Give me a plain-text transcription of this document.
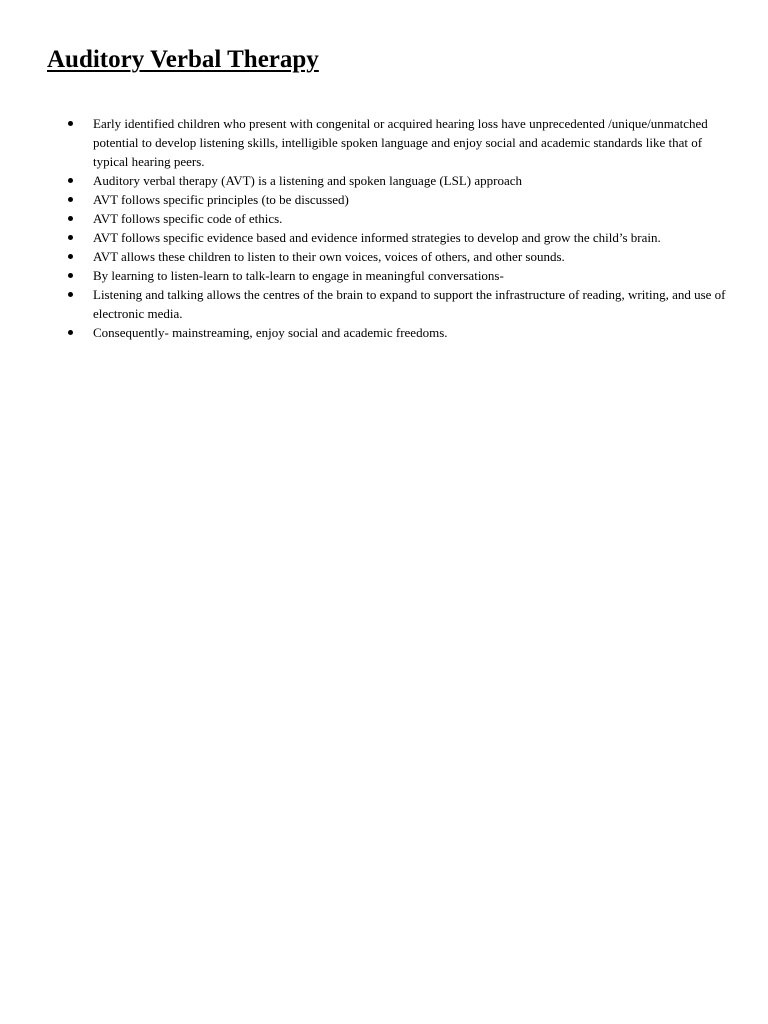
Auditory Verbal Therapy
Early identified children who present with congenital or acquired hearing loss have unprecedented /unique/unmatched potential to develop listening skills, intelligible spoken language and enjoy social and academic standards like that of typical hearing peers.
Auditory verbal therapy (AVT) is a listening and spoken language (LSL) approach
AVT follows specific principles (to be discussed)
AVT follows specific code of ethics.
AVT follows specific evidence based and evidence informed strategies to develop and grow the child’s brain.
AVT allows these children to listen to their own voices, voices of others, and other sounds.
By learning to listen-learn to talk-learn to engage in meaningful conversations-
Listening and talking allows the centres of the brain to expand to support the infrastructure of reading, writing, and use of electronic media.
Consequently- mainstreaming, enjoy social and academic freedoms.
